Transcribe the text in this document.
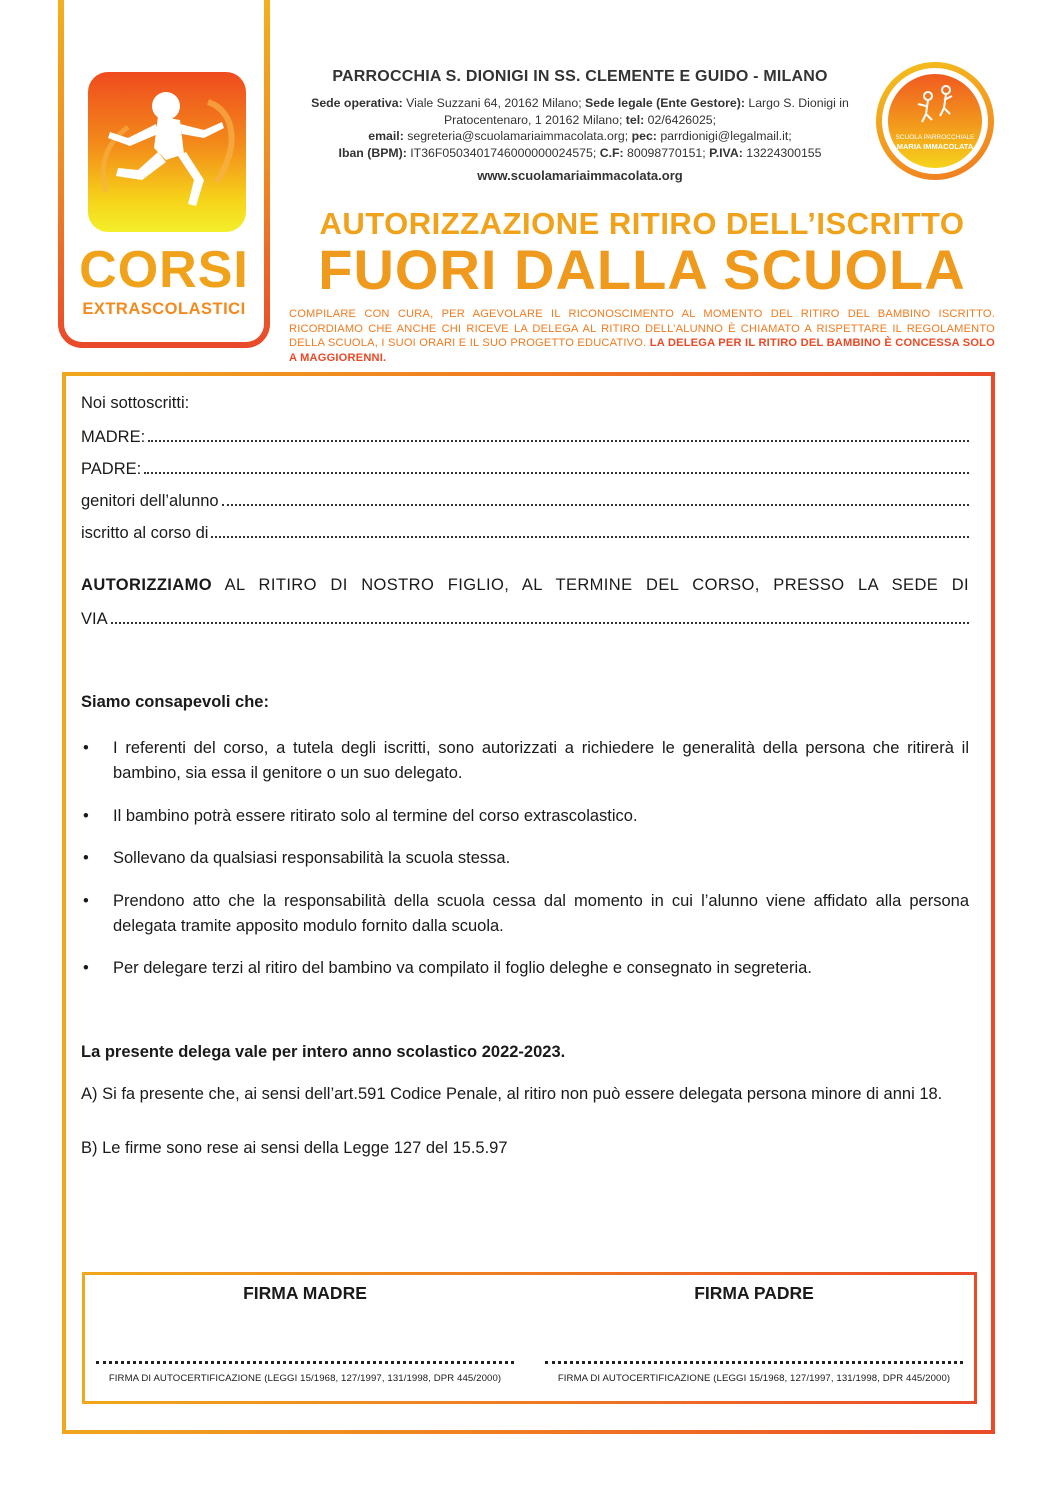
CORSI
EXTRASCOLASTICI
PARROCCHIA S. DIONIGI IN SS. CLEMENTE E GUIDO - MILANO
Sede operativa: Viale Suzzani 64, 20162 Milano; Sede legale (Ente Gestore): Largo S. Dionigi in Pratocentenaro, 1 20162 Milano; tel: 02/6426025;
email: segreteria@scuolamariaimmacolata.org; pec: parrdionigi@legalmail.it;
Iban (BPM): IT36F0503401746000000024575; C.F: 80098770151; P.IVA: 13224300155
www.scuolamariaimmacolata.org
SCUOLA PARROCCHIALE
MARIA IMMACOLATA
AUTORIZZAZIONE RITIRO DELL’ISCRITTO
FUORI DALLA SCUOLA
COMPILARE CON CURA, PER AGEVOLARE IL RICONOSCIMENTO AL MOMENTO DEL RITIRO DEL BAMBINO ISCRITTO. RICORDIAMO CHE ANCHE CHI RICEVE LA DELEGA AL RITIRO DELL’ALUNNO È CHIAMATO A RISPETTARE IL REGOLAMENTO DELLA SCUOLA, I SUOI ORARI E IL SUO PROGETTO EDUCATIVO. LA DELEGA PER IL RITIRO DEL BAMBINO È CONCESSA SOLO A MAGGIORENNI.
Noi sottoscritti:
MADRE:
PADRE:
genitori dell’alunno
iscritto al corso di
AUTORIZZIAMO AL RITIRO DI NOSTRO FIGLIO, AL TERMINE DEL CORSO, PRESSO LA SEDE DI
VIA
Siamo consapevoli che:
• I referenti del corso, a tutela degli iscritti, sono autorizzati a richiedere le generalità della persona che ritirerà il bambino, sia essa il genitore o un suo delegato.
• Il bambino potrà essere ritirato solo al termine del corso extrascolastico.
• Sollevano da qualsiasi responsabilità la scuola stessa.
• Prendono atto che la responsabilità della scuola cessa dal momento in cui l’alunno viene affidato alla persona delegata tramite apposito modulo fornito dalla scuola.
• Per delegare terzi al ritiro del bambino va compilato il foglio deleghe e consegnato in segreteria.
La presente delega vale per intero anno scolastico 2022-2023.
A) Si fa presente che, ai sensi dell’art.591 Codice Penale, al ritiro non può essere delegata persona minore di anni 18.
B) Le firme sono rese ai sensi della Legge 127 del 15.5.97
FIRMA MADRE
FIRMA DI AUTOCERTIFICAZIONE (LEGGI 15/1968, 127/1997, 131/1998, DPR 445/2000)
FIRMA PADRE
FIRMA DI AUTOCERTIFICAZIONE (LEGGI 15/1968, 127/1997, 131/1998, DPR 445/2000)
